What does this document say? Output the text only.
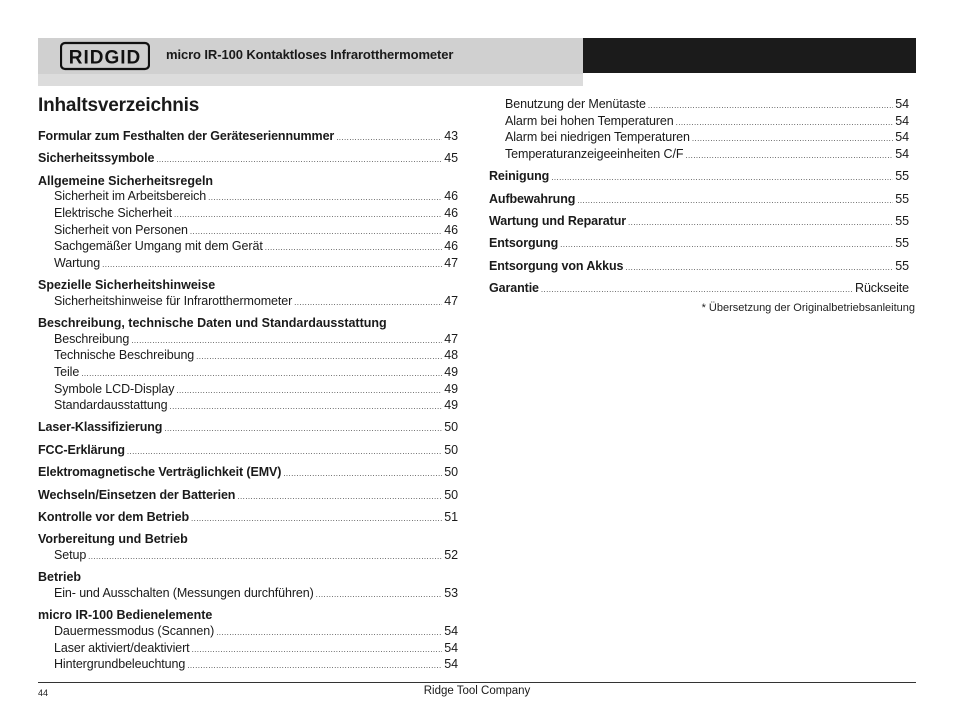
RIDGID micro IR-100 Kontaktloses Infrarotthermometer
Inhaltsverzeichnis
Formular zum Festhalten der Geräteseriennummer .....	43
Sicherheitssymbole .....	45
Allgemeine Sicherheitsregeln
Sicherheit im Arbeitsbereich .....	46
Elektrische Sicherheit .....	46
Sicherheit von Personen .....	46
Sachgemäßer Umgang mit dem Gerät .....	46
Wartung .....	47
Spezielle Sicherheitshinweise
Sicherheitshinweise für Infrarotthermometer .....	47
Beschreibung, technische Daten und Standardausstattung
Beschreibung .....	47
Technische Beschreibung .....	48
Teile .....	49
Symbole LCD-Display .....	49
Standardausstattung .....	49
Laser-Klassifizierung .....	50
FCC-Erklärung .....	50
Elektromagnetische Verträglichkeit (EMV) .....	50
Wechseln/Einsetzen der Batterien .....	50
Kontrolle vor dem Betrieb .....	51
Vorbereitung und Betrieb
Setup .....	52
Betrieb
Ein- und Ausschalten (Messungen durchführen) .....	53
micro IR-100 Bedienelemente
Dauermessmodus (Scannen) .....	54
Laser aktiviert/deaktiviert .....	54
Hintergrundbeleuchtung .....	54
Benutzung der Menütaste .....	54
Alarm bei hohen Temperaturen .....	54
Alarm bei niedrigen Temperaturen .....	54
Temperaturanzeigeeinheiten C/F .....	54
Reinigung .....	55
Aufbewahrung .....	55
Wartung und Reparatur .....	55
Entsorgung .....	55
Entsorgung von Akkus .....	55
Garantie .....	Rückseite
* Übersetzung der Originalbetriebsanleitung
44	Ridge Tool Company
